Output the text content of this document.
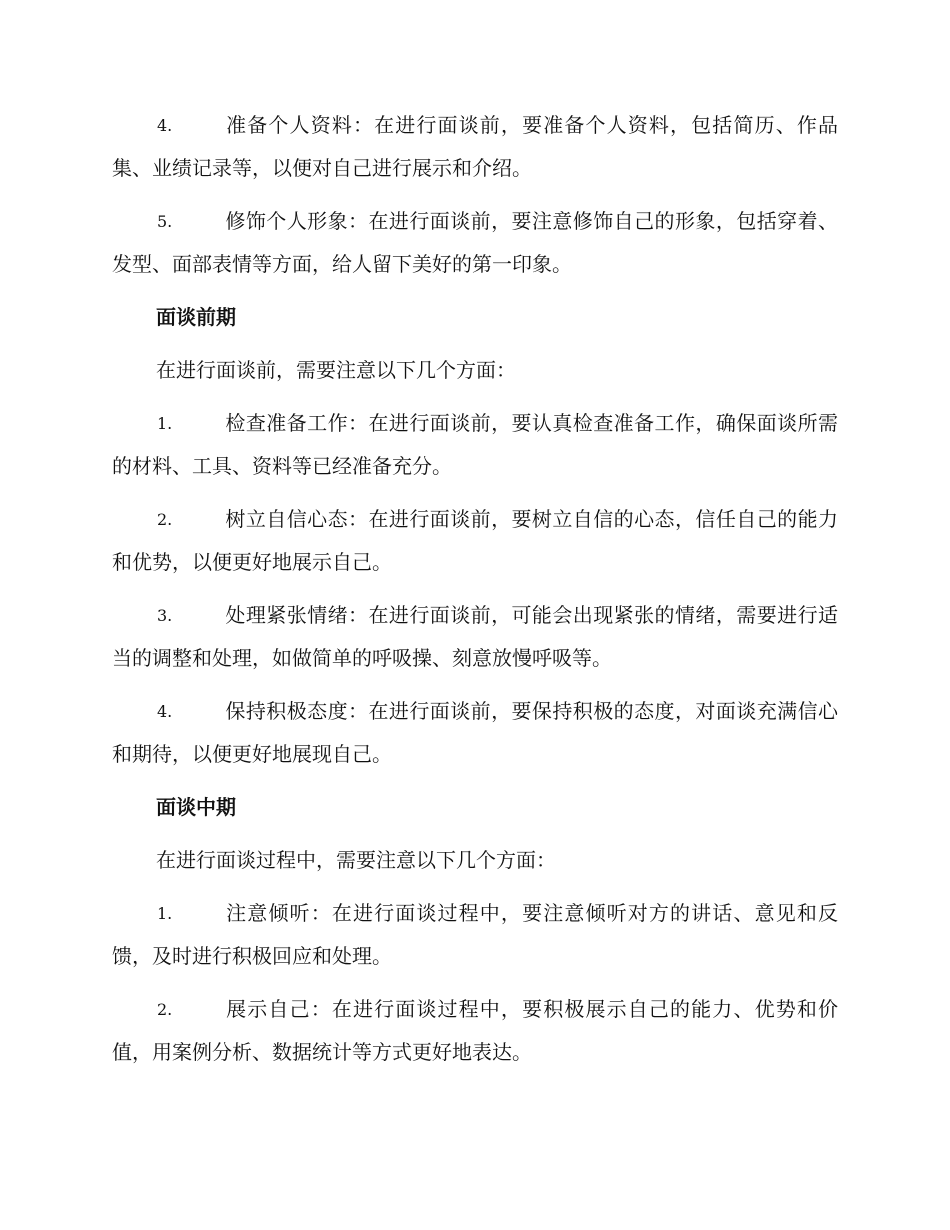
4.	准备个人资料：在进行面谈前，要准备个人资料，包括简历、作品集、业绩记录等，以便对自己进行展示和介绍。
5.	修饰个人形象：在进行面谈前，要注意修饰自己的形象，包括穿着、发型、面部表情等方面，给人留下美好的第一印象。
面谈前期
在进行面谈前，需要注意以下几个方面：
1.	检查准备工作：在进行面谈前，要认真检查准备工作，确保面谈所需的材料、工具、资料等已经准备充分。
2.	树立自信心态：在进行面谈前，要树立自信的心态，信任自己的能力和优势，以便更好地展示自己。
3.	处理紧张情绪：在进行面谈前，可能会出现紧张的情绪，需要进行适当的调整和处理，如做简单的呼吸操、刻意放慢呼吸等。
4.	保持积极态度：在进行面谈前，要保持积极的态度，对面谈充满信心和期待，以便更好地展现自己。
面谈中期
在进行面谈过程中，需要注意以下几个方面：
1.	注意倾听：在进行面谈过程中，要注意倾听对方的讲话、意见和反馈，及时进行积极回应和处理。
2.	展示自己：在进行面谈过程中，要积极展示自己的能力、优势和价值，用案例分析、数据统计等方式更好地表达。
